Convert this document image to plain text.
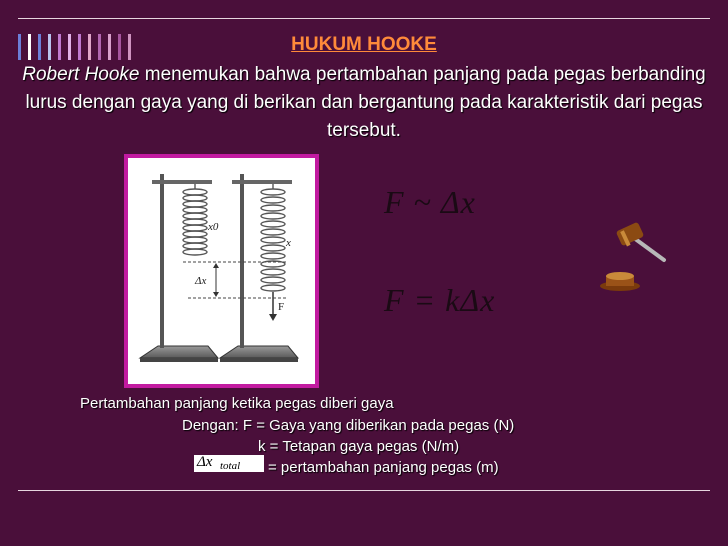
HUKUM HOOKE
Robert Hooke menemukan bahwa pertambahan panjang pada pegas berbanding lurus dengan gaya yang di berikan dan bergantung pada karakteristik dari pegas tersebut.
x0
x
Δx
F
F ~ Δx
F = kΔx
Pertambahan panjang ketika pegas diberi gaya
Dengan: F = Gaya yang diberikan pada pegas (N)
k = Tetapan gaya pegas (N/m)
Δx total = pertambahan panjang pegas (m)
